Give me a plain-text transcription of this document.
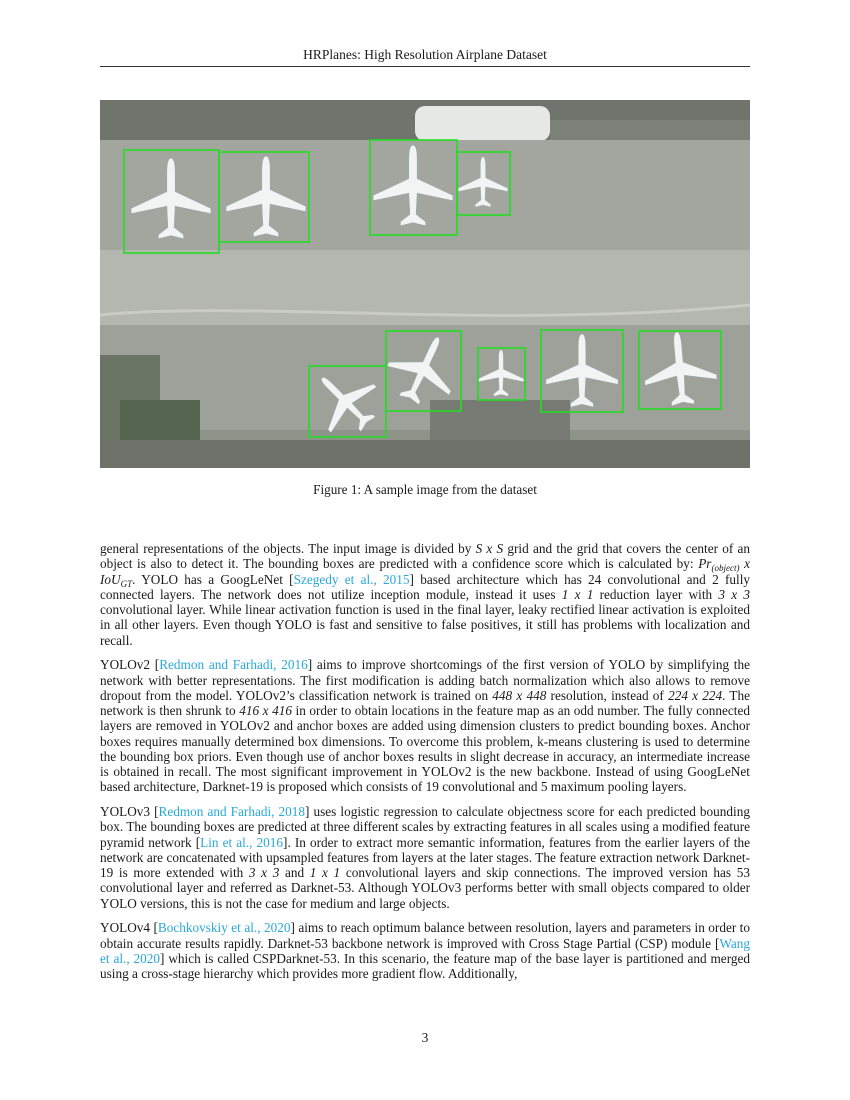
HRPlanes: High Resolution Airplane Dataset
Figure 1: A sample image from the dataset

general representations of the objects. The input image is divided by S x S grid and the grid that covers the center of an object is also to detect it. The bounding boxes are predicted with a confidence score which is calculated by: $Pr_{(object)}$ x IoU$_{GT}$. YOLO has a GoogLeNet [Szegedy et al., 2015] based architecture which has 24 convolutional and 2 fully connected layers. The network does not utilize inception module, instead it uses 1 x 1 reduction layer with 3 x 3 convolutional layer. While linear activation function is used in the final layer, leaky rectified linear activation is exploited in all other layers. Even though YOLO is fast and sensitive to false positives, it still has problems with localization and recall.

YOLOv2 [Redmon and Farhadi, 2016] aims to improve shortcomings of the first version of YOLO by simplifying the network with better representations. The first modification is adding batch normalization which also allows to remove dropout from the model. YOLOv2’s classification network is trained on 448 x 448 resolution, instead of 224 x 224. The network is then shrunk to 416 x 416 in order to obtain locations in the feature map as an odd number. The fully connected layers are removed in YOLOv2 and anchor boxes are added using dimension clusters to predict bounding boxes. Anchor boxes requires manually determined box dimensions. To overcome this problem, k-means clustering is used to determine the bounding box priors. Even though use of anchor boxes results in slight decrease in accuracy, an intermediate increase is obtained in recall. The most significant improvement in YOLOv2 is the new backbone. Instead of using GoogLeNet based architecture, Darknet-19 is proposed which consists of 19 convolutional and 5 maximum pooling layers.

YOLOv3 [Redmon and Farhadi, 2018] uses logistic regression to calculate objectness score for each predicted bounding box. The bounding boxes are predicted at three different scales by extracting features in all scales using a modified feature pyramid network [Lin et al., 2016]. In order to extract more semantic information, features from the earlier layers of the network are concatenated with upsampled features from layers at the later stages. The feature extraction network Darknet-19 is more extended with 3 x 3 and 1 x 1 convolutional layers and skip connections. The improved version has 53 convolutional layer and referred as Darknet-53. Although YOLOv3 performs better with small objects compared to older YOLO versions, this is not the case for medium and large objects.

YOLOv4 [Bochkovskiy et al., 2020] aims to reach optimum balance between resolution, layers and parameters in order to obtain accurate results rapidly. Darknet-53 backbone network is improved with Cross Stage Partial (CSP) module [Wang et al., 2020] which is called CSPDarknet-53. In this scenario, the feature map of the base layer is partitioned and merged using a cross-stage hierarchy which provides more gradient flow. Additionally,

3
